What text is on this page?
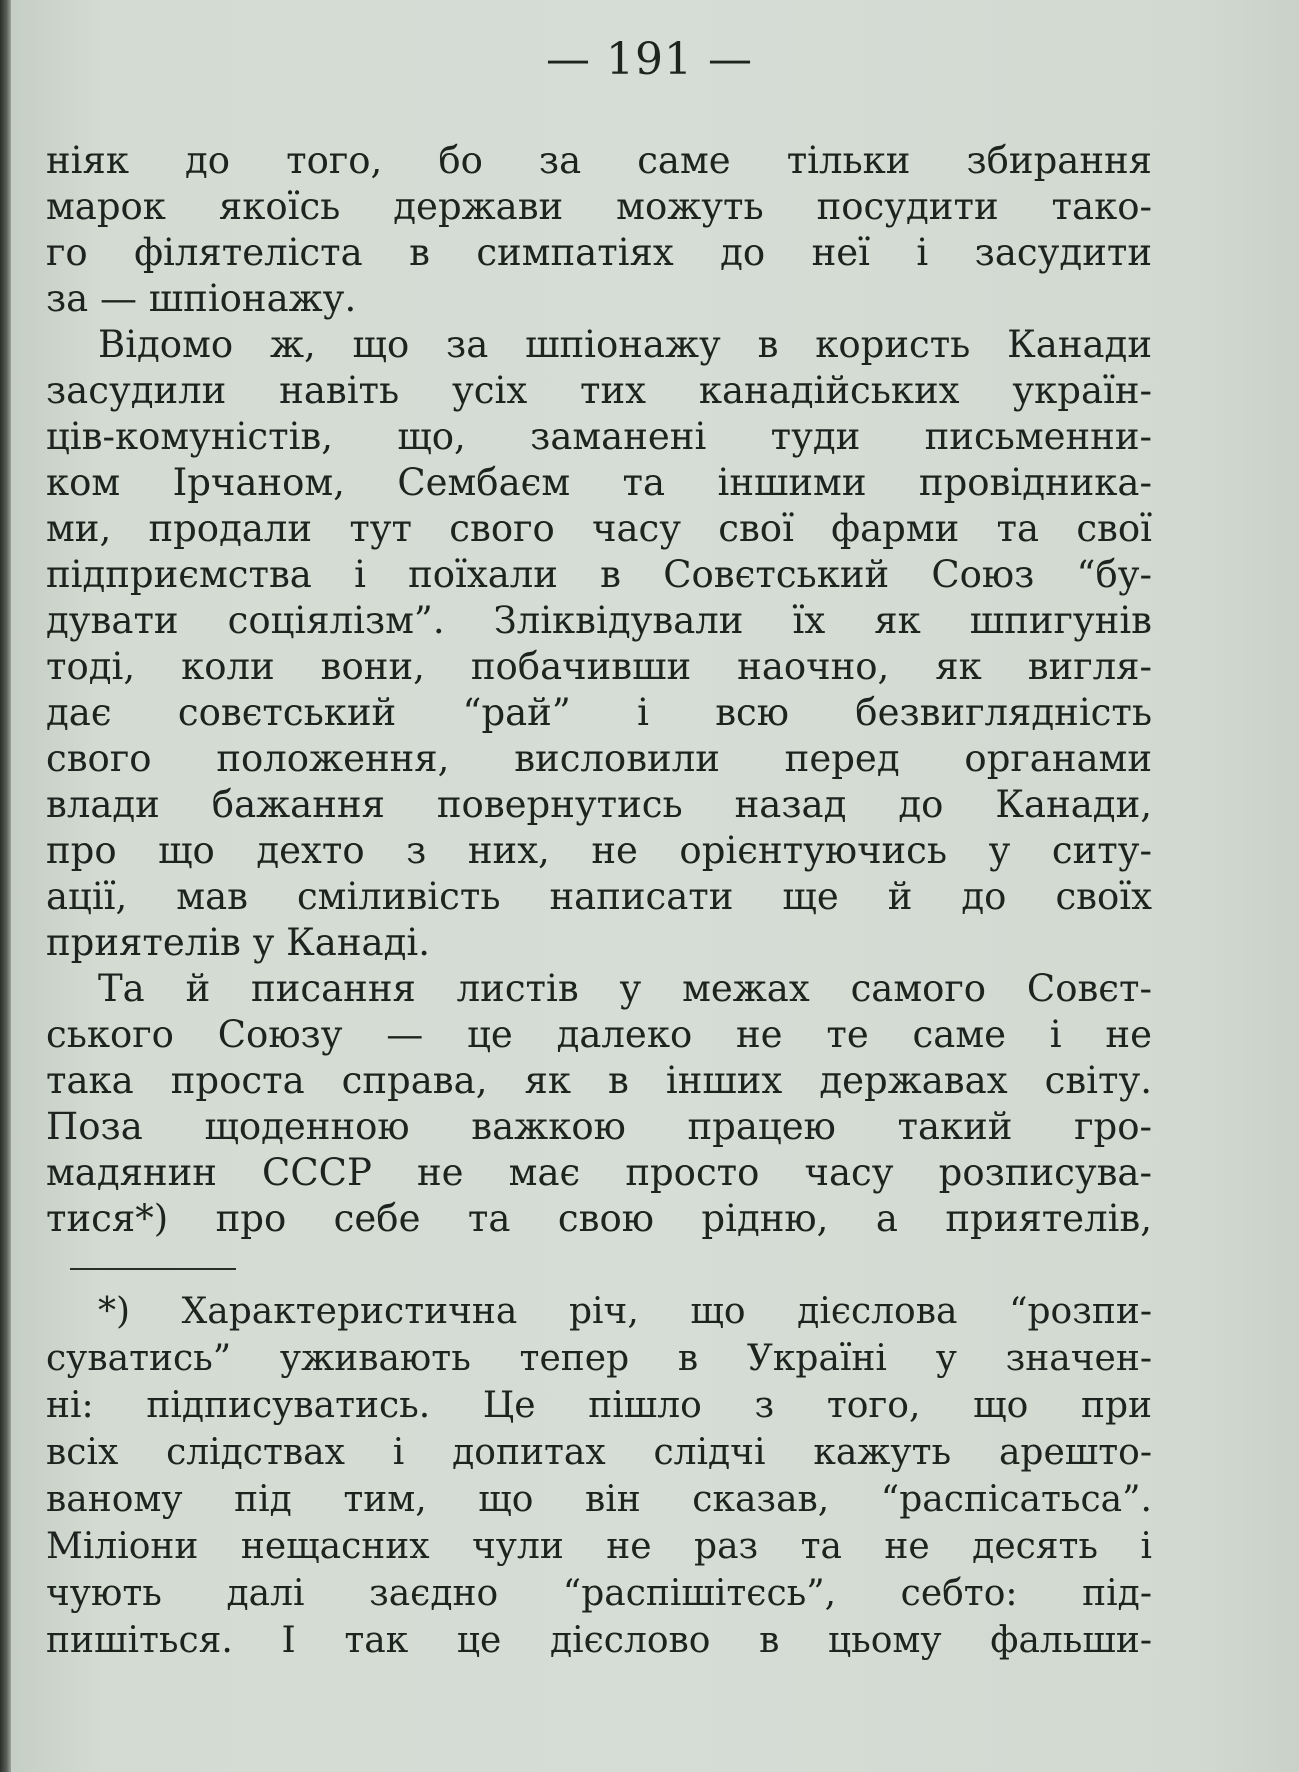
— 191 —
ніяк до того, бо за саме тільки збирання
марок якоїсь держави можуть посудити тако-
го філятеліста в симпатіях до неї і засудити
за — шпіонажу.
Відомо ж, що за шпіонажу в користь Канади
засудили навіть усіх тих канадійських україн-
ців-комуністів, що, заманені туди письменни-
ком Ірчаном, Сембаєм та іншими провідника-
ми, продали тут свого часу свої фарми та свої
підприємства і поїхали в Совєтський Союз “бу-
дувати соціялізм”. Зліквідували їх як шпигунів
тоді, коли вони, побачивши наочно, як вигля-
дає совєтський “рай” і всю безвиглядність
свого положення, висловили перед органами
влади бажання повернутись назад до Канади,
про що дехто з них, не орієнтуючись у ситу-
ації, мав сміливість написати ще й до своїх
приятелів у Канаді.
Та й писання листів у межах самого Совєт-
ського Союзу — це далеко не те саме і не
така проста справа, як в інших державах світу.
Поза щоденною важкою працею такий гро-
мадянин СССР не має просто часу розписува-
тися*) про себе та свою рідню, а приятелів,
*) Характеристична річ, що дієслова “розпи-
суватись” уживають тепер в Україні у значен-
ні: підписуватись. Це пішло з того, що при
всіх слідствах і допитах слідчі кажуть арешто-
ваному під тим, що він сказав, “распісатьса”.
Міліони нещасних чули не раз та не десять і
чують далі заєдно “распішітєсь”, себто: під-
пишіться. І так це дієслово в цьому фальши-
